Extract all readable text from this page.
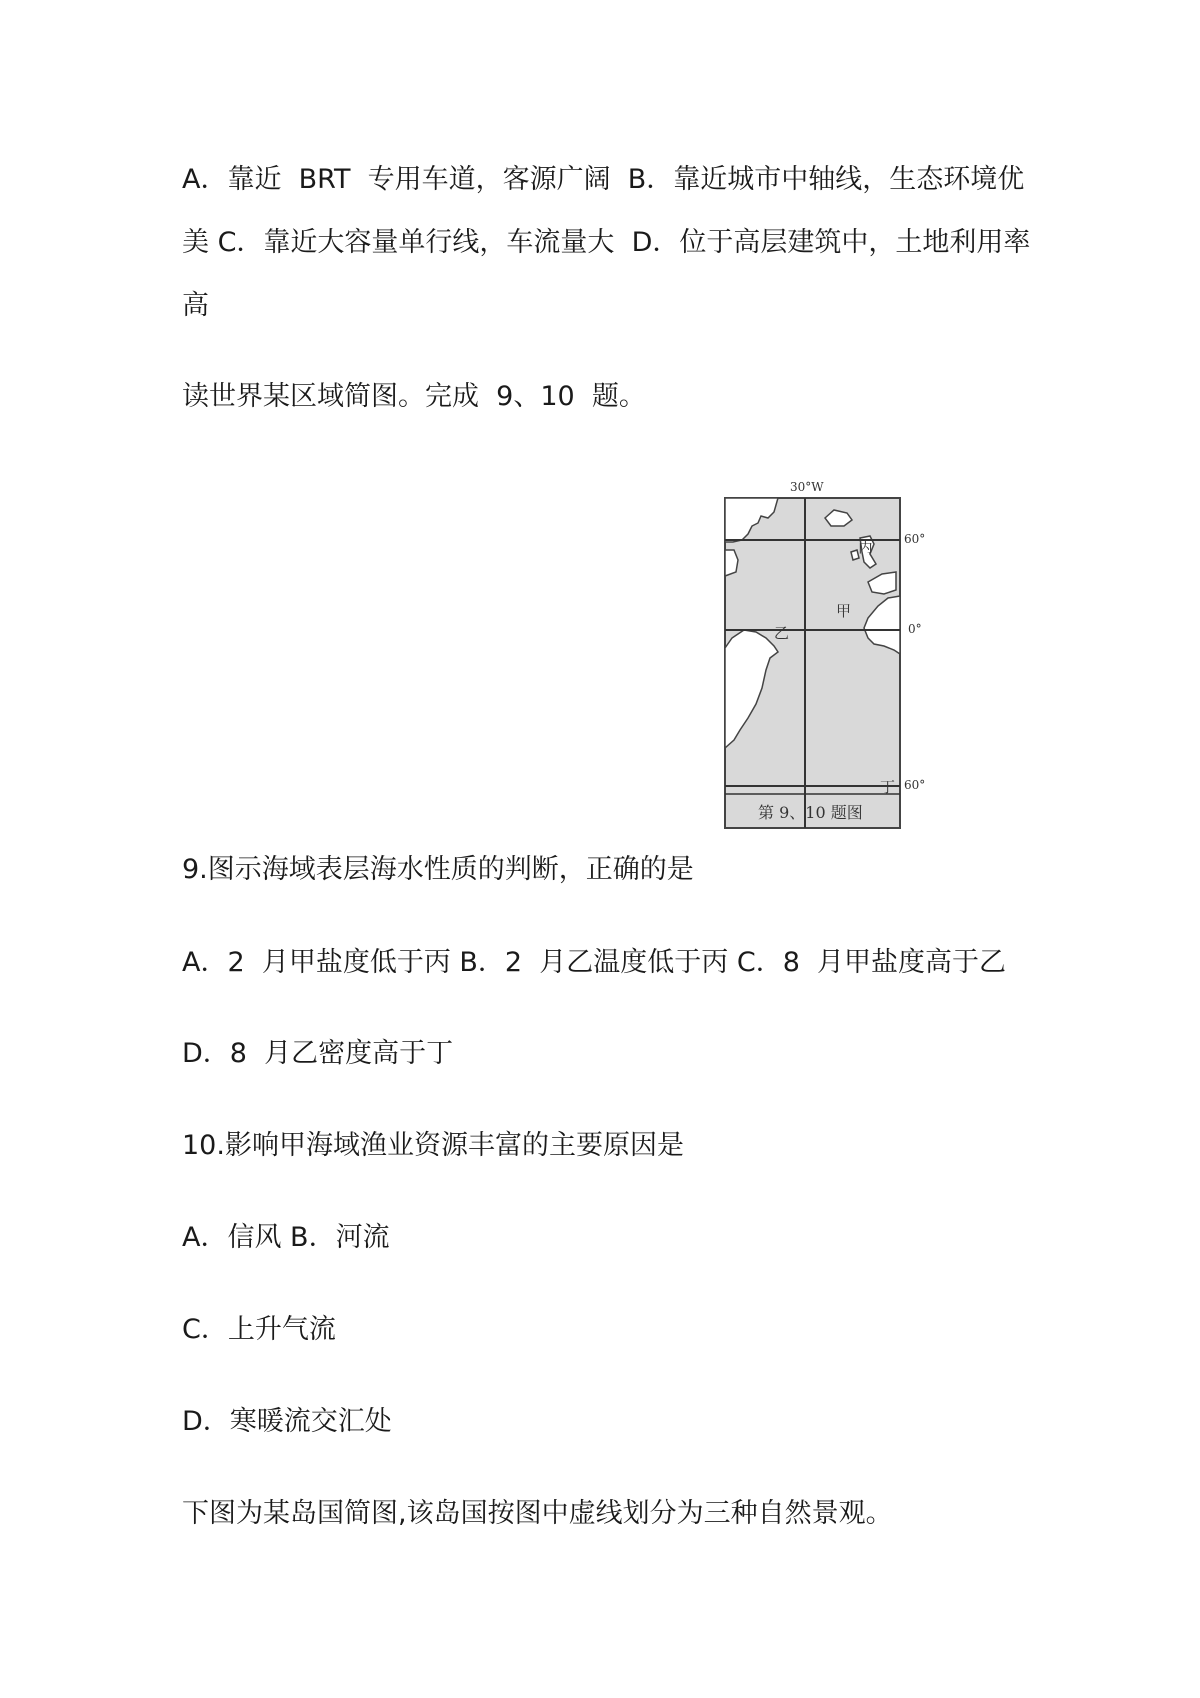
A．靠近  BRT  专用车道，客源广阔  B．靠近城市中轴线，生态环境优

美 C．靠近大容量单行线，车流量大  D．位于高层建筑中，土地利用率

高

读世界某区域简图。完成  9、10  题。

30°W
60°
0°
60°
丙
甲
乙
丁
第 9、10 题图

9.图示海域表层海水性质的判断，正确的是

A．2  月甲盐度低于丙 B．2  月乙温度低于丙 C．8  月甲盐度高于乙

D．8  月乙密度高于丁

10.影响甲海域渔业资源丰富的主要原因是

A．信风 B．河流

C．上升气流

D．寒暖流交汇处

下图为某岛国简图,该岛国按图中虚线划分为三种自然景观。
